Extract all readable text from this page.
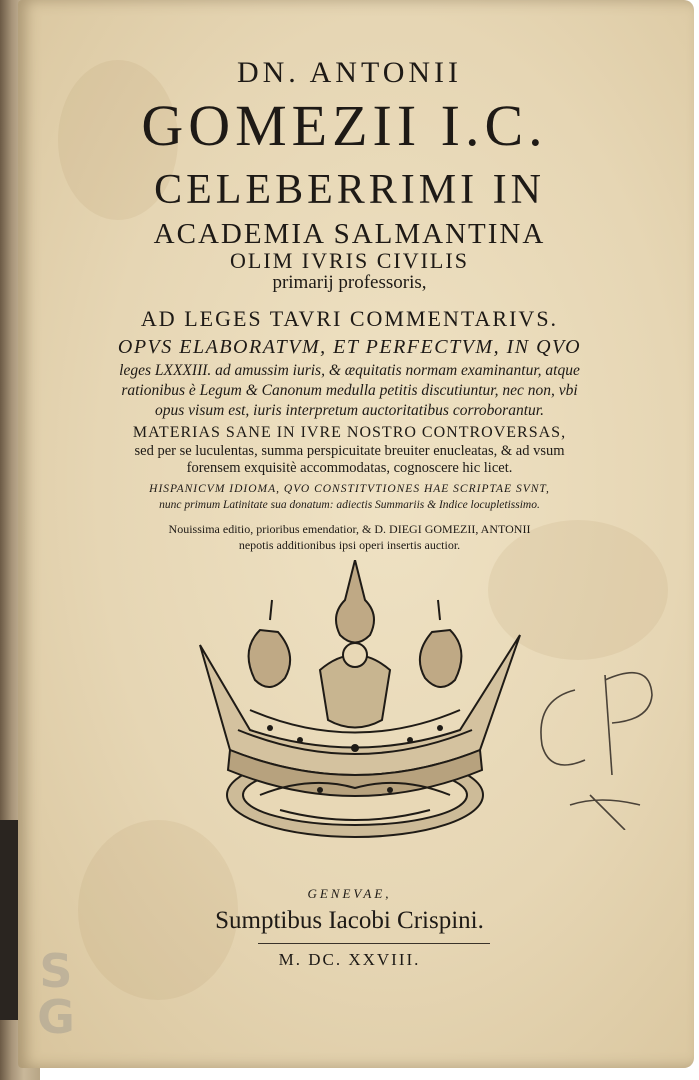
DN. ANTONII
GOMEZII I.C.
CELEBERRIMI IN
ACADEMIA SALMANTINA
OLIM IVRIS CIVILIS
primarij professoris,
AD LEGES TAVRI COMMENTARIVS.
OPVS ELABORATVM, ET PERFECTVM, IN QVO
leges LXXXIII. ad amussim iuris, & æquitatis normam examinantur, atque
rationibus è Legum & Canonum medulla petitis discutiuntur, nec non, vbi
opus visum est, iuris interpretum auctoritatibus corroborantur.
MATERIAS SANE IN IVRE NOSTRO CONTROVERSAS,
sed per se luculentas, summa perspicuitate breuiter enucleatas, & ad vsum
forensem exquisitè accommodatas, cognoscere hic licet.
HISPANICVM IDIOMA, QVO CONSTITVTIONES HAE SCRIPTAE SVNT,
nunc primum Latinitate sua donatum: adiectis Summariis & Indice locupletissimo.
Nouissima editio, prioribus emendatior, & D. DIEGI GOMEZII, ANTONII
nepotis additionibus ipsi operi insertis auctior.
GENEVAE,
Sumptibus Iacobi Crispini.
M. DC. XXVIII.
S
G
